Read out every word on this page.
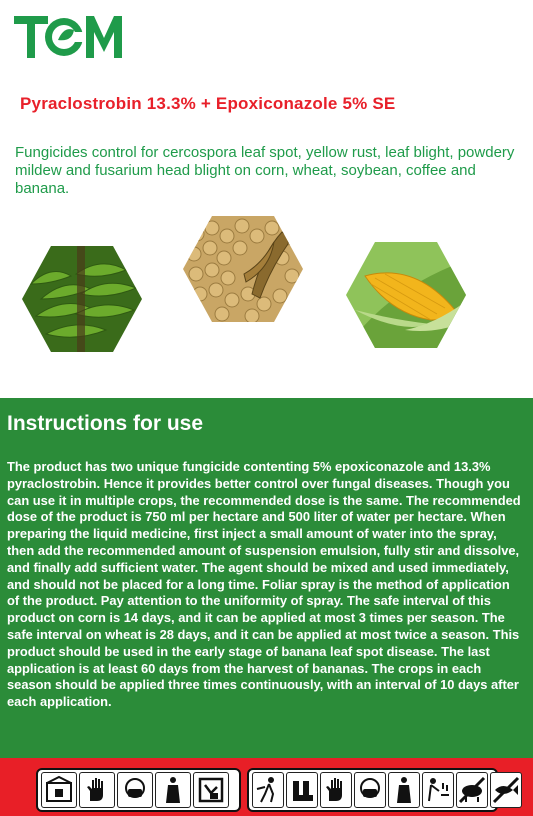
Pyraclostrobin 13.3% + Epoxiconazole 5% SE
Fungicides control for cercospora leaf spot, yellow rust, leaf blight, powdery mildew and fusarium head blight on corn, wheat, soybean, coffee and banana.
Instructions for use
The product has two unique fungicide contenting 5% epoxiconazole and 13.3% pyraclostrobin. Hence it provides better control over fungal diseases. Though you can use it in multiple crops, the recommended dose is the same. The recommended dose of the product is 750 ml per hectare and 500 liter of water per hectare. When preparing the liquid medicine, first inject a small amount of water into the spray, then add the recommended amount of suspension emulsion, fully stir and dissolve, and finally add sufficient water. The agent should be mixed and used immediately, and should not be placed for a long time. Foliar spray is the method of application of the product. Pay attention to the uniformity of spray. The safe interval of this product on corn is 14 days, and it can be applied at most 3 times per season. The safe interval on wheat is 28 days, and it can be applied at most twice a season. This product should be used in the early stage of banana leaf spot disease. The last application is at least 60 days from the harvest of bananas. The crops in each season should be applied three times continuously, with an interval of 10 days after each application.
